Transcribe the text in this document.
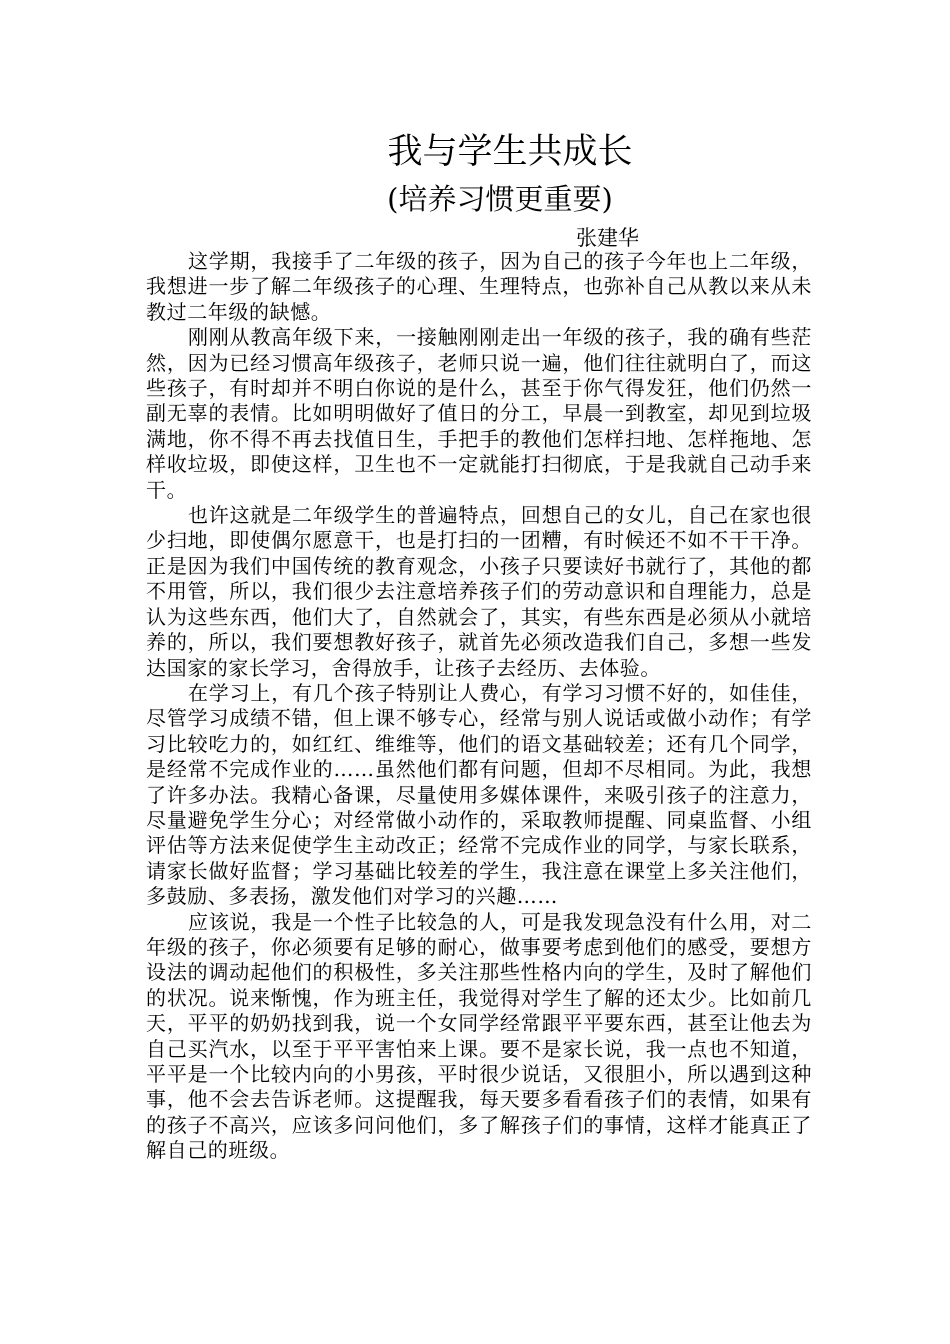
我与学生共成长
(培养习惯更重要)

张建华

这学期，我接手了二年级的孩子，因为自己的孩子今年也上二年级，我想进一步了解二年级孩子的心理、生理特点，也弥补自己从教以来从未教过二年级的缺憾。

刚刚从教高年级下来，一接触刚刚走出一年级的孩子，我的确有些茫然，因为已经习惯高年级孩子，老师只说一遍，他们往往就明白了，而这些孩子，有时却并不明白你说的是什么，甚至于你气得发狂，他们仍然一副无辜的表情。比如明明做好了值日的分工，早晨一到教室，却见到垃圾满地，你不得不再去找值日生，手把手的教他们怎样扫地、怎样拖地、怎样收垃圾，即使这样，卫生也不一定就能打扫彻底，于是我就自己动手来干。

也许这就是二年级学生的普遍特点，回想自己的女儿，自己在家也很少扫地，即使偶尔愿意干，也是打扫的一团糟，有时候还不如不干干净。正是因为我们中国传统的教育观念，小孩子只要读好书就行了，其他的都不用管，所以，我们很少去注意培养孩子们的劳动意识和自理能力，总是认为这些东西，他们大了，自然就会了，其实，有些东西是必须从小就培养的，所以，我们要想教好孩子，就首先必须改造我们自己，多想一些发达国家的家长学习，舍得放手，让孩子去经历、去体验。

在学习上，有几个孩子特别让人费心，有学习习惯不好的，如佳佳，尽管学习成绩不错，但上课不够专心，经常与别人说话或做小动作；有学习比较吃力的，如红红、维维等，他们的语文基础较差；还有几个同学，是经常不完成作业的……虽然他们都有问题，但却不尽相同。为此，我想了许多办法。我精心备课，尽量使用多媒体课件，来吸引孩子的注意力，尽量避免学生分心；对经常做小动作的，采取教师提醒、同桌监督、小组评估等方法来促使学生主动改正；经常不完成作业的同学，与家长联系，请家长做好监督；学习基础比较差的学生，我注意在课堂上多关注他们，多鼓励、多表扬，激发他们对学习的兴趣……

应该说，我是一个性子比较急的人，可是我发现急没有什么用，对二年级的孩子，你必须要有足够的耐心，做事要考虑到他们的感受，要想方设法的调动起他们的积极性，多关注那些性格内向的学生，及时了解他们的状况。说来惭愧，作为班主任，我觉得对学生了解的还太少。比如前几天，平平的奶奶找到我，说一个女同学经常跟平平要东西，甚至让他去为自己买汽水，以至于平平害怕来上课。要不是家长说，我一点也不知道，平平是一个比较内向的小男孩，平时很少说话，又很胆小，所以遇到这种事，他不会去告诉老师。这提醒我，每天要多看看孩子们的表情，如果有的孩子不高兴，应该多问问他们，多了解孩子们的事情，这样才能真正了解自己的班级。
